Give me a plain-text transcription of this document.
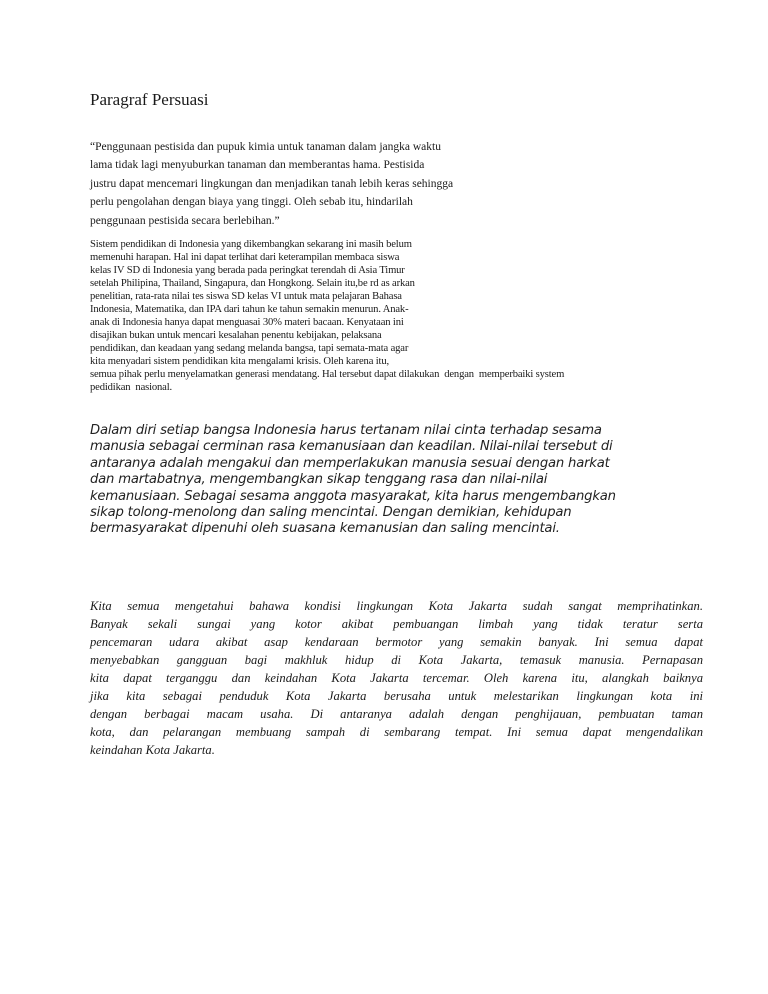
Paragraf Persuasi
“Penggunaan pestisida dan pupuk kimia untuk tanaman dalam jangka waktu
lama tidak lagi menyuburkan tanaman dan memberantas hama. Pestisida
justru dapat mencemari lingkungan dan menjadikan tanah lebih keras sehingga
perlu pengolahan dengan biaya yang tinggi. Oleh sebab itu, hindarilah
penggunaan pestisida secara berlebihan.”
Sistem pendidikan di Indonesia yang dikembangkan sekarang ini masih belum
memenuhi harapan. Hal ini dapat terlihat dari keterampilan membaca siswa
kelas IV SD di Indonesia yang berada pada peringkat terendah di Asia Timur
setelah Philipina, Thailand, Singapura, dan Hongkong. Selain itu,be rd as arkan
penelitian, rata-rata nilai tes siswa SD kelas VI untuk mata pelajaran Bahasa
Indonesia, Matematika, dan IPA dari tahun ke tahun semakin menurun. Anak-
anak di Indonesia hanya dapat menguasai 30% materi bacaan. Kenyataan ini
disajikan bukan untuk mencari kesalahan penentu kebijakan, pelaksana
pendidikan, dan keadaan yang sedang melanda bangsa, tapi semata-mata agar
kita menyadari sistem pendidikan kita mengalami krisis. Oleh karena itu,
semua pihak perlu menyelamatkan generasi mendatang. Hal tersebut dapat dilakukan  dengan  memperbaiki system
pedidikan  nasional.
Dalam diri setiap bangsa Indonesia harus tertanam nilai cinta terhadap sesama
manusia sebagai cerminan rasa kemanusiaan dan keadilan. Nilai-nilai tersebut di
antaranya adalah mengakui dan memperlakukan manusia sesuai dengan harkat
dan martabatnya, mengembangkan sikap tenggang rasa dan nilai-nilai
kemanusiaan. Sebagai sesama anggota masyarakat, kita harus mengembangkan
sikap tolong-menolong dan saling mencintai. Dengan demikian, kehidupan
bermasyarakat dipenuhi oleh suasana kemanusian dan saling mencintai.
Kita semua mengetahui bahawa kondisi lingkungan Kota Jakarta sudah sangat memprihatinkan.
Banyak sekali sungai yang kotor akibat pembuangan limbah yang tidak teratur serta
pencemaran udara akibat asap kendaraan bermotor yang semakin banyak. Ini semua dapat
menyebabkan gangguan bagi makhluk hidup di Kota Jakarta, temasuk manusia. Pernapasan
kita dapat terganggu dan keindahan Kota Jakarta tercemar. Oleh karena itu, alangkah baiknya
jika kita sebagai penduduk Kota Jakarta berusaha untuk melestarikan lingkungan kota ini
dengan berbagai macam usaha. Di antaranya adalah dengan penghijauan, pembuatan taman
kota, dan pelarangan membuang sampah di sembarang tempat. Ini semua dapat mengendalikan
keindahan Kota Jakarta.
